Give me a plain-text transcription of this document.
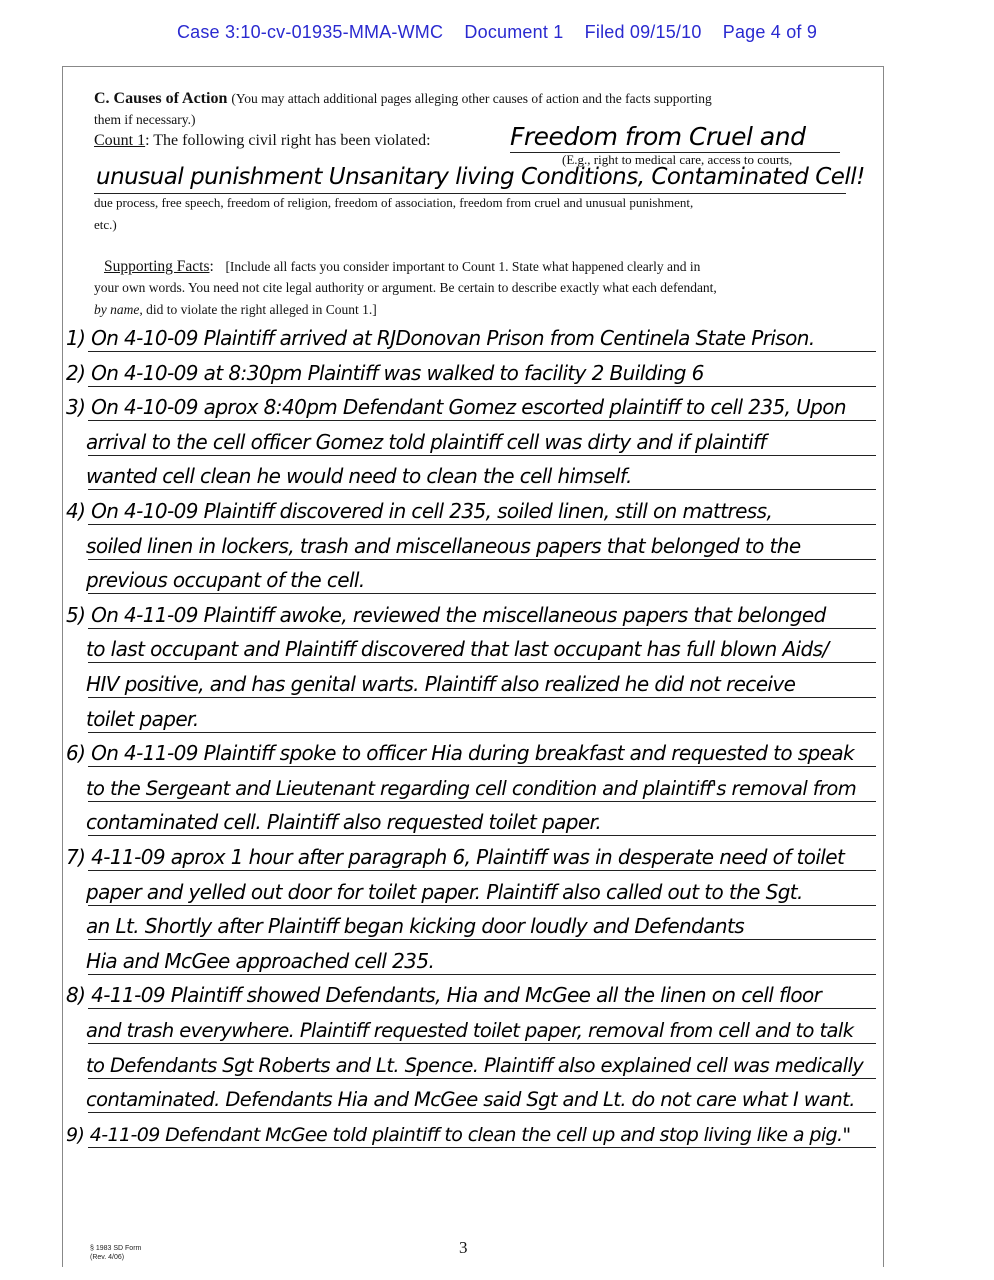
Case 3:10-cv-01935-MMA-WMC Document 1 Filed 09/15/10 Page 4 of 9
C. Causes of Action (You may attach additional pages alleging other causes of action and the facts supporting
them if necessary.)
Count 1: The following civil right has been violated:	Freedom from Cruel and
(E.g., right to medical care, access to courts,
unusual punishment Unsanitary living Conditions, Contaminated Cell!
due process, free speech, freedom of religion, freedom of association, freedom from cruel and unusual punishment,
etc.)
Supporting Facts: [Include all facts you consider important to Count 1. State what happened clearly and in
your own words. You need not cite legal authority or argument. Be certain to describe exactly what each defendant,
by name, did to violate the right alleged in Count 1.]
1) On 4-10-09 Plaintiff arrived at RJDonovan Prison from Centinela State Prison.
2) On 4-10-09 at 8:30pm Plaintiff was walked to facility 2 Building 6
3) On 4-10-09 aprox 8:40pm Defendant Gomez escorted plaintiff to cell 235, Upon
arrival to the cell officer Gomez told plaintiff cell was dirty and if plaintiff
wanted cell clean he would need to clean the cell himself.
4) On 4-10-09 Plaintiff discovered in cell 235, soiled linen, still on mattress,
soiled linen in lockers, trash and miscellaneous papers that belonged to the
previous occupant of the cell.
5) On 4-11-09 Plaintiff awoke, reviewed the miscellaneous papers that belonged
to last occupant and Plaintiff discovered that last occupant has full blown Aids/
HIV positive, and has genital warts. Plaintiff also realized he did not receive
toilet paper.
6) On 4-11-09 Plaintiff spoke to officer Hia during breakfast and requested to speak
to the Sergeant and Lieutenant regarding cell condition and plaintiff's removal from
contaminated cell. Plaintiff also requested toilet paper.
7) 4-11-09 aprox 1 hour after paragraph 6, Plaintiff was in desperate need of toilet
paper and yelled out door for toilet paper. Plaintiff also called out to the Sgt.
an Lt. Shortly after Plaintiff began kicking door loudly and Defendants
Hia and McGee approached cell 235.
8) 4-11-09 Plaintiff showed Defendants, Hia and McGee all the linen on cell floor
and trash everywhere. Plaintiff requested toilet paper, removal from cell and to talk
to Defendants Sgt Roberts and Lt. Spence. Plaintiff also explained cell was medically
contaminated. Defendants Hia and McGee said Sgt and Lt. do not care what I want.
9) 4-11-09 Defendant McGee told plaintiff to clean the cell up and stop living like a pig."
§ 1983 SD Form
(Rev. 4/06)
3
